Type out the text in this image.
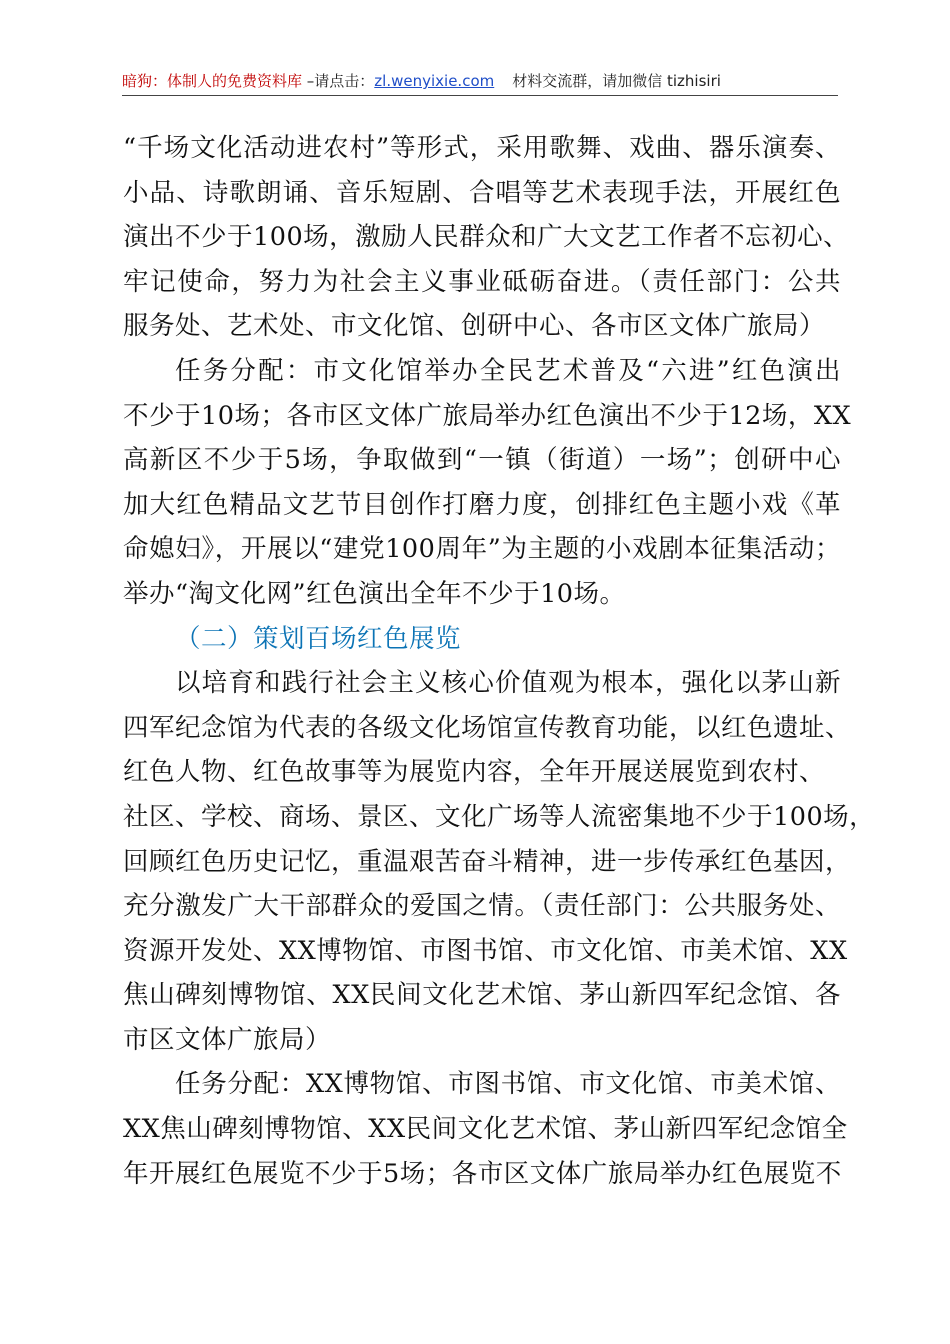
暗狗：体制人的免费资料库 –请点击：zl.wenyixie.com 材料交流群，请加微信 tizhisiri
“千场文化活动进农村”等形式，采用歌舞、戏曲、器乐演奏、
小品、诗歌朗诵、音乐短剧、合唱等艺术表现手法，开展红色
演出不少于100场，激励人民群众和广大文艺工作者不忘初心、
牢记使命，努力为社会主义事业砥砺奋进。（责任部门：公共
服务处、艺术处、市文化馆、创研中心、各市区文体广旅局）
任务分配：市文化馆举办全民艺术普及“六进”红色演出
不少于10场；各市区文体广旅局举办红色演出不少于12场，XX
高新区不少于5场，争取做到“一镇（街道）一场”；创研中心
加大红色精品文艺节目创作打磨力度，创排红色主题小戏《革
命媳妇》，开展以“建党100周年”为主题的小戏剧本征集活动；
举办“淘文化网”红色演出全年不少于10场。
（二）策划百场红色展览
以培育和践行社会主义核心价值观为根本，强化以茅山新
四军纪念馆为代表的各级文化场馆宣传教育功能，以红色遗址、
红色人物、红色故事等为展览内容，全年开展送展览到农村、
社区、学校、商场、景区、文化广场等人流密集地不少于100场，
回顾红色历史记忆，重温艰苦奋斗精神，进一步传承红色基因，
充分激发广大干部群众的爱国之情。（责任部门：公共服务处、
资源开发处、XX博物馆、市图书馆、市文化馆、市美术馆、XX
焦山碑刻博物馆、XX民间文化艺术馆、茅山新四军纪念馆、各
市区文体广旅局）
任务分配：XX博物馆、市图书馆、市文化馆、市美术馆、
XX焦山碑刻博物馆、XX民间文化艺术馆、茅山新四军纪念馆全
年开展红色展览不少于5场；各市区文体广旅局举办红色展览不
